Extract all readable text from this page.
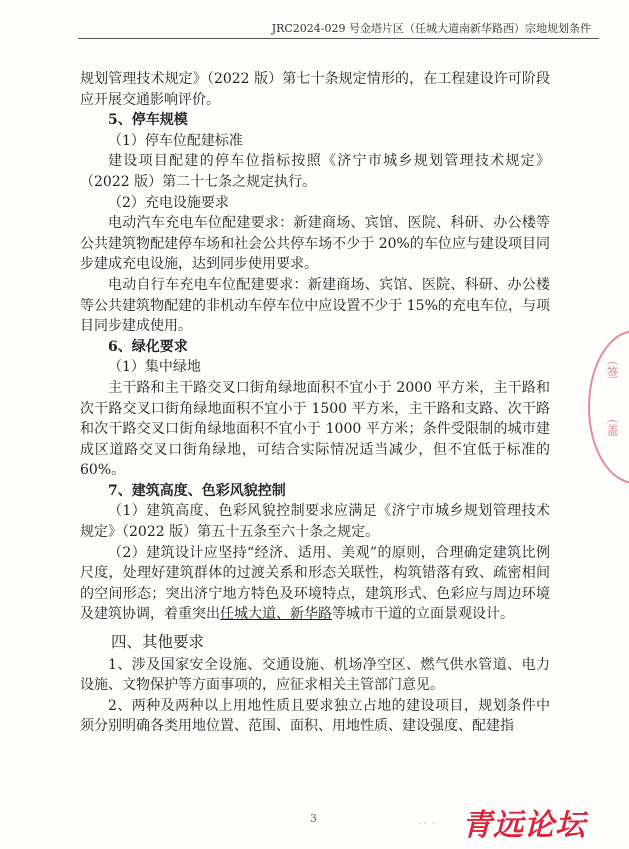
JRC2024-029 号金塔片区（任城大道南新华路西）宗地规划条件

规划管理技术规定》（2022 版）第七十条规定情形的，在工程建设许可阶段应开展交通影响评价。

5、停车规模

（1）停车位配建标准

建设项目配建的停车位指标按照《济宁市城乡规划管理技术规定》（2022 版）第二十七条之规定执行。

（2）充电设施要求

电动汽车充电车位配建要求：新建商场、宾馆、医院、科研、办公楼等公共建筑物配建停车场和社会公共停车场不少于 20%的车位应与建设项目同步建成充电设施，达到同步使用要求。

电动自行车充电车位配建要求：新建商场、宾馆、医院、科研、办公楼等公共建筑物配建的非机动车停车位中应设置不少于 15%的充电车位，与项目同步建成使用。

6、绿化要求

（1）集中绿地

主干路和主干路交叉口街角绿地面积不宜小于 2000 平方米，主干路和次干路交叉口街角绿地面积不宜小于 1500 平方米，主干路和支路、次干路和次干路交叉口街角绿地面积不宜小于 1000 平方米；条件受限制的城市建成区道路交叉口街角绿地，可结合实际情况适当减少，但不宜低于标准的 60%。

7、建筑高度、色彩风貌控制

（1）建筑高度、色彩风貌控制要求应满足《济宁市城乡规划管理技术规定》（2022 版）第五十五条至六十条之规定。

（2）建筑设计应坚持“经济、适用、美观”的原则，合理确定建筑比例尺度，处理好建筑群体的过渡关系和形态关联性，构筑错落有致、疏密相间的空间形态；突出济宁地方特色及环境特点，建筑形式、色彩应与周边环境及建筑协调，着重突出任城大道、新华路等城市干道的立面景观设计。

四、其他要求

1、涉及国家安全设施、交通设施、机场净空区、燃气供水管道、电力设施、文物保护等方面事项的，应征求相关主管部门意见。

2、两种及两种以上用地性质且要求独立占地的建设项目，规划条件中须分别明确各类用地位置、范围、面积、用地性质、建设强度、配建指

3
（签
（盖
·· · 青远论坛
